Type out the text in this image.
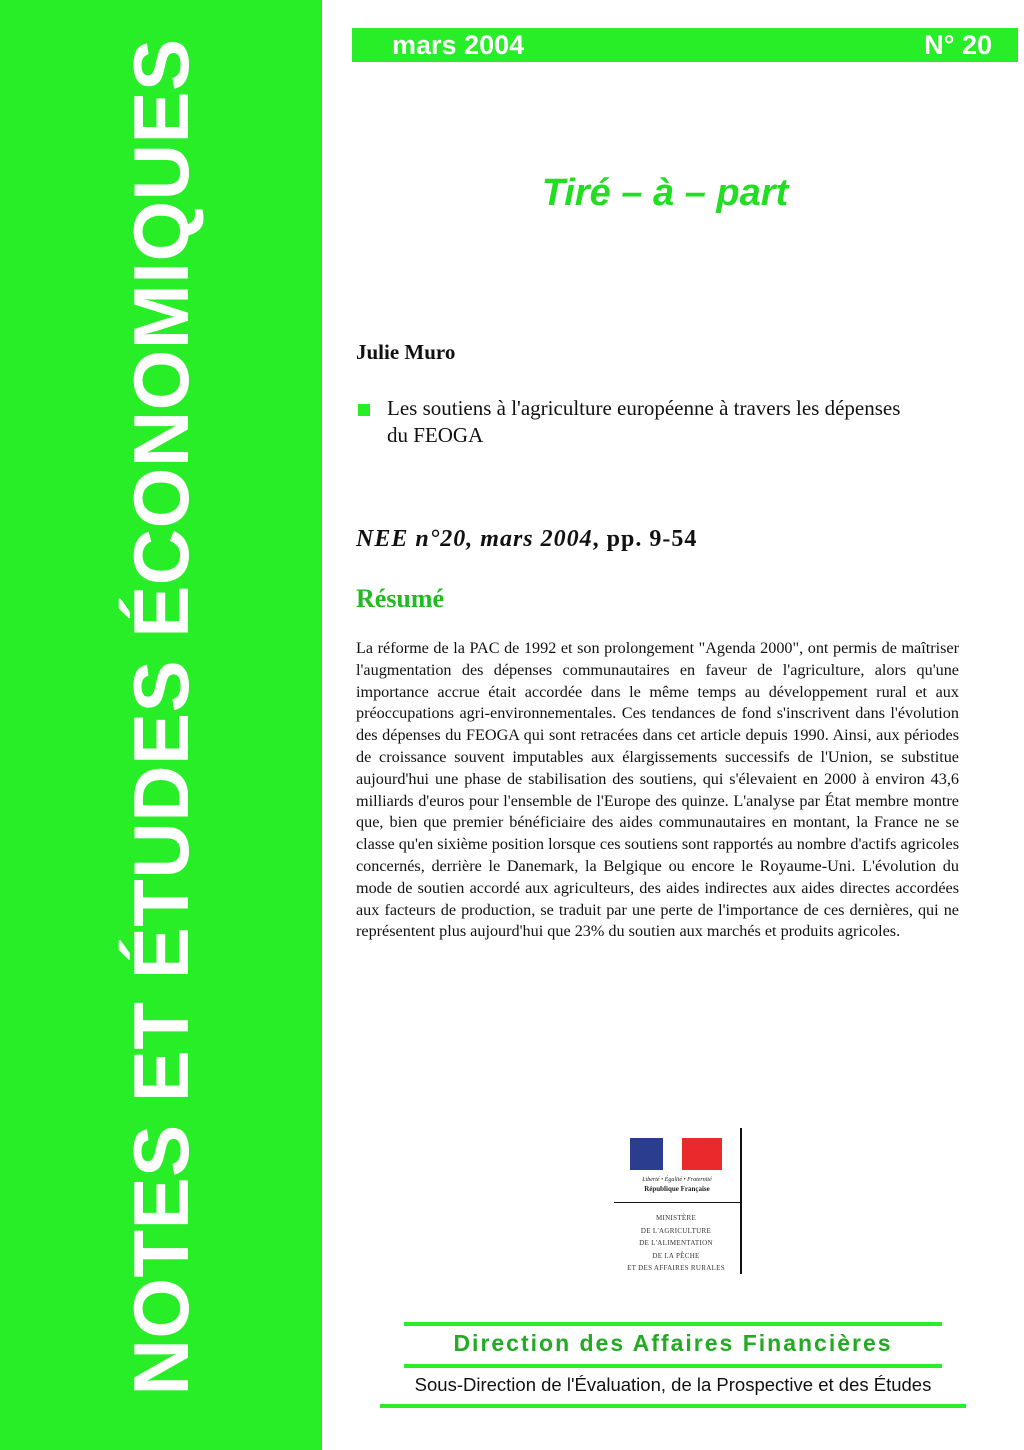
NOTES ET ÉTUDES ÉCONOMIQUES	mars 2004	N° 20
Tiré – à – part

Julie Muro

Les soutiens à l'agriculture européenne à travers les dépenses du FEOGA

NEE n°20, mars 2004, pp. 9-54

Résumé

La réforme de la PAC de 1992 et son prolongement "Agenda 2000", ont permis de maîtriser l'augmentation des dépenses communautaires en faveur de l'agriculture, alors qu'une importance accrue était accordée dans le même temps au développement rural et aux préoccupations agri-environnementales. Ces tendances de fond s'inscrivent dans l'évolution des dépenses du FEOGA qui sont retracées dans cet article depuis 1990. Ainsi, aux périodes de croissance souvent imputables aux élargissements successifs de l'Union, se substitue aujourd'hui une phase de stabilisation des soutiens, qui s'élevaient en 2000 à environ 43,6 milliards d'euros pour l'ensemble de l'Europe des quinze. L'analyse par État membre montre que, bien que premier bénéficiaire des aides communautaires en montant, la France ne se classe qu'en sixième position lorsque ces soutiens sont rapportés au nombre d'actifs agricoles concernés, derrière le Danemark, la Belgique ou encore le Royaume-Uni. L'évolution du mode de soutien accordé aux agriculteurs, des aides indirectes aux aides directes accordées aux facteurs de production, se traduit par une perte de l'importance de ces dernières, qui ne représentent plus aujourd'hui que 23% du soutien aux marchés et produits agricoles.

Liberté • Égalité • Fraternité
République Française
MINISTÈRE
DE L'AGRICULTURE
DE L'ALIMENTATION
DE LA PÊCHE
ET DES AFFAIRES RURALES
Direction des Affaires Financières
Sous-Direction de l'Évaluation, de la Prospective et des Études
